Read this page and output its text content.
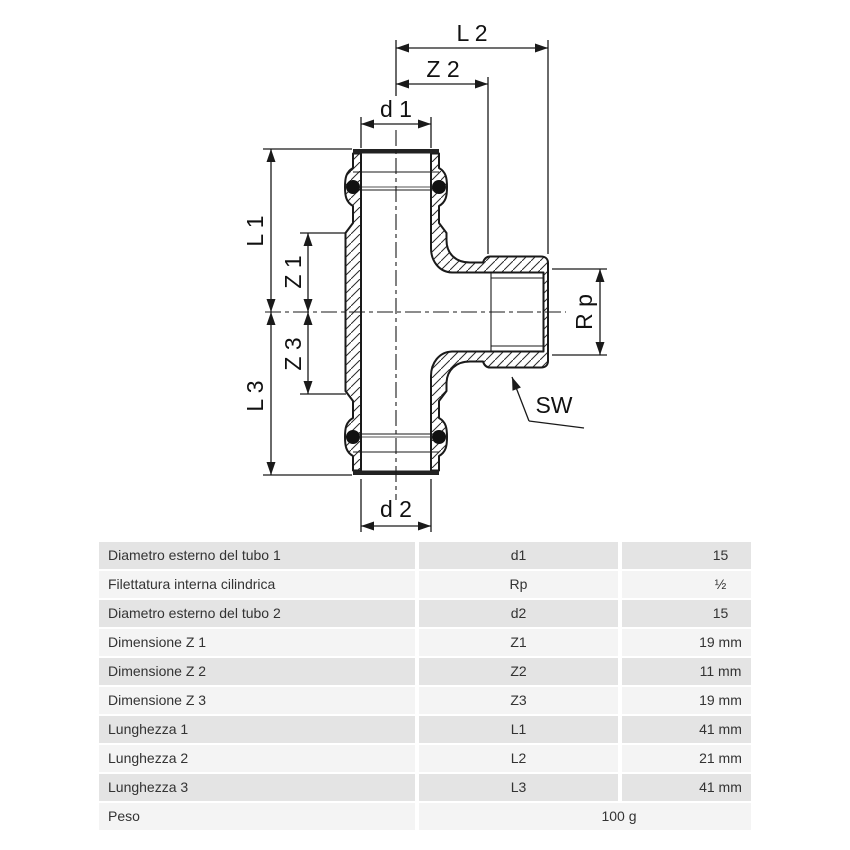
L 2
Z 2
d 1
d 2
L 1
Z 1
Z 3
L 3
R p
SW
Diametro esterno del tubo 1	d1	15
Filettatura interna cilindrica	Rp	½
Diametro esterno del tubo 2	d2	15
Dimensione Z 1	Z1	19 mm
Dimensione Z 2	Z2	11 mm
Dimensione Z 3	Z3	19 mm
Lunghezza 1	L1	41 mm
Lunghezza 2	L2	21 mm
Lunghezza 3	L3	41 mm
Peso	100 g
